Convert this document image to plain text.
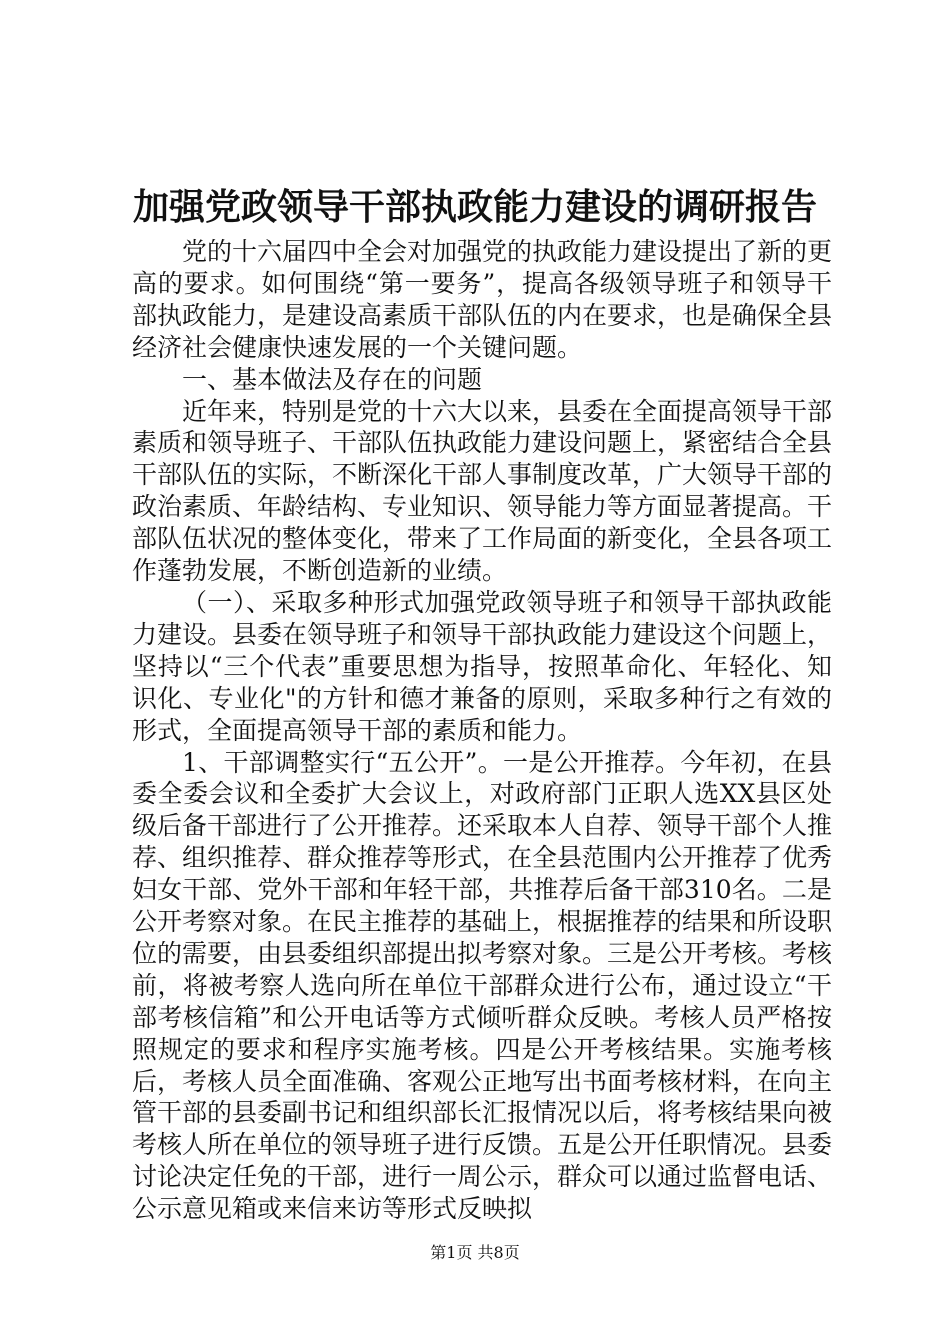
加强党政领导干部执政能力建设的调研报告

党的十六届四中全会对加强党的执政能力建设提出了新的更高的要求。如何围绕“第一要务”，提高各级领导班子和领导干部执政能力，是建设高素质干部队伍的内在要求，也是确保全县经济社会健康快速发展的一个关键问题。

一、基本做法及存在的问题

近年来，特别是党的十六大以来，县委在全面提高领导干部素质和领导班子、干部队伍执政能力建设问题上，紧密结合全县干部队伍的实际，不断深化干部人事制度改革，广大领导干部的政治素质、年龄结构、专业知识、领导能力等方面显著提高。干部队伍状况的整体变化，带来了工作局面的新变化，全县各项工作蓬勃发展，不断创造新的业绩。

（一）、采取多种形式加强党政领导班子和领导干部执政能力建设。县委在领导班子和领导干部执政能力建设这个问题上，坚持以“三个代表”重要思想为指导，按照革命化、年轻化、知识化、专业化"的方针和德才兼备的原则，采取多种行之有效的形式，全面提高领导干部的素质和能力。

1、干部调整实行“五公开”。一是公开推荐。今年初，在县委全委会议和全委扩大会议上，对政府部门正职人选XX县区处级后备干部进行了公开推荐。还采取本人自荐、领导干部个人推荐、组织推荐、群众推荐等形式，在全县范围内公开推荐了优秀妇女干部、党外干部和年轻干部，共推荐后备干部310名。二是公开考察对象。在民主推荐的基础上，根据推荐的结果和所设职位的需要，由县委组织部提出拟考察对象。三是公开考核。考核前，将被考察人选向所在单位干部群众进行公布，通过设立“干部考核信箱”和公开电话等方式倾听群众反映。考核人员严格按照规定的要求和程序实施考核。四是公开考核结果。实施考核后，考核人员全面准确、客观公正地写出书面考核材料，在向主管干部的县委副书记和组织部长汇报情况以后，将考核结果向被考核人所在单位的领导班子进行反馈。五是公开任职情况。县委讨论决定任免的干部，进行一周公示，群众可以通过监督电话、公示意见箱或来信来访等形式反映拟

第1页 共8页
